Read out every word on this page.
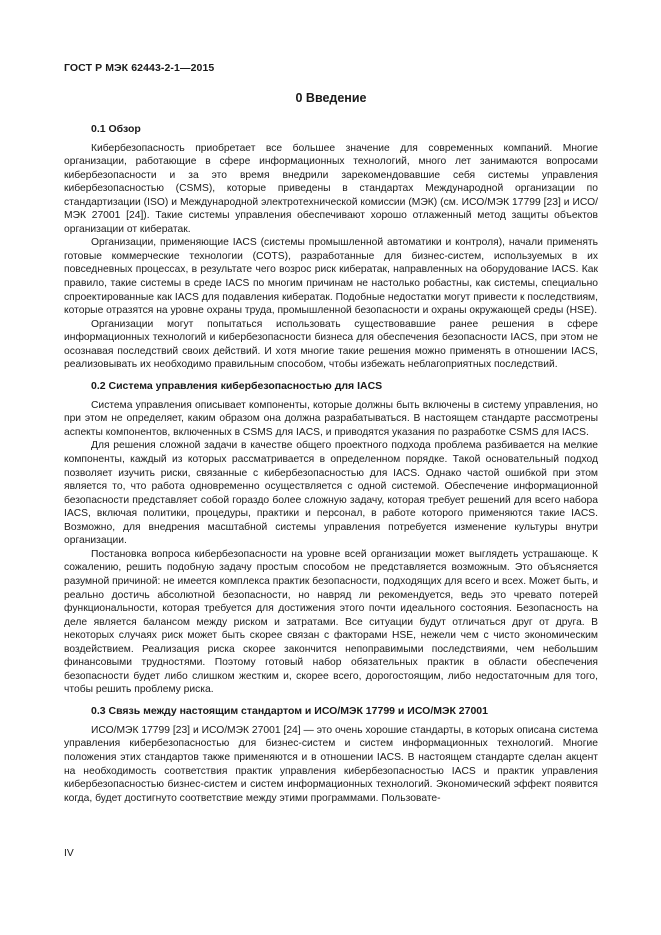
ГОСТ Р МЭК 62443-2-1—2015
0 Введение
0.1 Обзор

Кибербезопасность приобретает все большее значение для современных компаний. Многие организации, работающие в сфере информационных технологий, много лет занимаются вопросами кибербезопасности и за это время внедрили зарекомендовавшие себя системы управления кибербезопасностью (CSMS), которые приведены в стандартах Международной организации по стандартизации (ISO) и Международной электротехнической комиссии (МЭК) (см. ИСО/МЭК 17799 [23] и ИСО/МЭК 27001 [24]). Такие системы управления обеспечивают хорошо отлаженный метод защиты объектов организации от кибератак.

Организации, применяющие IACS (системы промышленной автоматики и контроля), начали применять готовые коммерческие технологии (COTS), разработанные для бизнес-систем, используемых в их повседневных процессах, в результате чего возрос риск кибератак, направленных на оборудование IACS. Как правило, такие системы в среде IACS по многим причинам не настолько робастны, как системы, специально спроектированные как IACS для подавления кибератак. Подобные недостатки могут привести к последствиям, которые отразятся на уровне охраны труда, промышленной безопасности и охраны окружающей среды (HSE).

Организации могут попытаться использовать существовавшие ранее решения в сфере информационных технологий и кибербезопасности бизнеса для обеспечения безопасности IACS, при этом не осознавая последствий своих действий. И хотя многие такие решения можно применять в отношении IACS, реализовывать их необходимо правильным способом, чтобы избежать неблагоприятных последствий.

0.2 Система управления кибербезопасностью для IACS

Система управления описывает компоненты, которые должны быть включены в систему управления, но при этом не определяет, каким образом она должна разрабатываться. В настоящем стандарте рассмотрены аспекты компонентов, включенных в CSMS для IACS, и приводятся указания по разработке CSMS для IACS.

Для решения сложной задачи в качестве общего проектного подхода проблема разбивается на мелкие компоненты, каждый из которых рассматривается в определенном порядке. Такой основательный подход позволяет изучить риски, связанные с кибербезопасностью для IACS. Однако частой ошибкой при этом является то, что работа одновременно осуществляется с одной системой. Обеспечение информационной безопасности представляет собой гораздо более сложную задачу, которая требует решений для всего набора IACS, включая политики, процедуры, практики и персонал, в работе которого применяются такие IACS. Возможно, для внедрения масштабной системы управления потребуется изменение культуры внутри организации.

Постановка вопроса кибербезопасности на уровне всей организации может выглядеть устрашающе. К сожалению, решить подобную задачу простым способом не представляется возможным. Это объясняется разумной причиной: не имеется комплекса практик безопасности, подходящих для всего и всех. Может быть, и реально достичь абсолютной безопасности, но навряд ли рекомендуется, ведь это чревато потерей функциональности, которая требуется для достижения этого почти идеального состояния. Безопасность на деле является балансом между риском и затратами. Все ситуации будут отличаться друг от друга. В некоторых случаях риск может быть скорее связан с факторами HSE, нежели чем с чисто экономическим воздействием. Реализация риска скорее закончится непоправимыми последствиями, чем небольшим финансовыми трудностями. Поэтому готовый набор обязательных практик в области обеспечения безопасности будет либо слишком жестким и, скорее всего, дорогостоящим, либо недостаточным для того, чтобы решить проблему риска.

0.3 Связь между настоящим стандартом и ИСО/МЭК 17799 и ИСО/МЭК 27001

ИСО/МЭК 17799 [23] и ИСО/МЭК 27001 [24] — это очень хорошие стандарты, в которых описана система управления кибербезопасностью для бизнес-систем и систем информационных технологий. Многие положения этих стандартов также применяются и в отношении IACS. В настоящем стандарте сделан акцент на необходимость соответствия практик управления кибербезопасностью IACS и практик управления кибербезопасностью бизнес-систем и систем информационных технологий. Экономический эффект появится когда, будет достигнуто соответствие между этими программами. Пользовате-

IV
